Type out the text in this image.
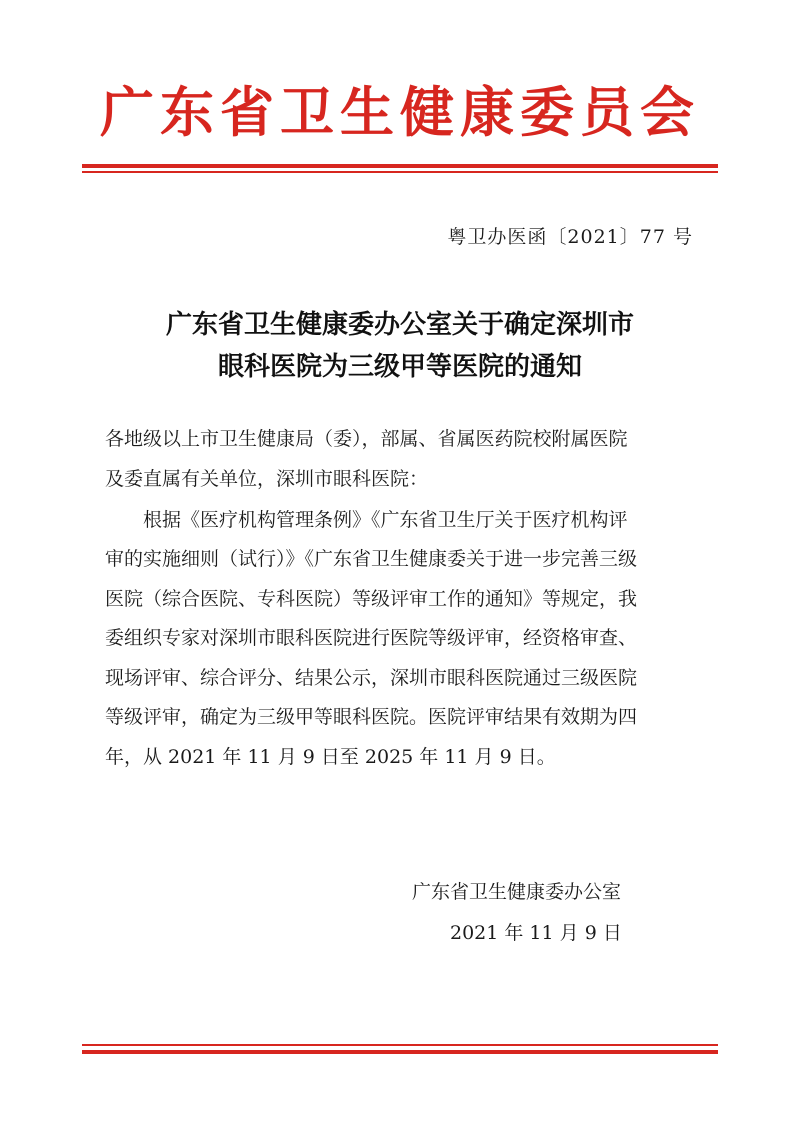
广东省卫生健康委员会
粤卫办医函〔2021〕77 号
广东省卫生健康委办公室关于确定深圳市
眼科医院为三级甲等医院的通知
各地级以上市卫生健康局（委），部属、省属医药院校附属医院
及委直属有关单位，深圳市眼科医院：
根据《医疗机构管理条例》《广东省卫生厅关于医疗机构评
审的实施细则（试行）》《广东省卫生健康委关于进一步完善三级
医院（综合医院、专科医院）等级评审工作的通知》等规定，我
委组织专家对深圳市眼科医院进行医院等级评审，经资格审查、
现场评审、综合评分、结果公示，深圳市眼科医院通过三级医院
等级评审，确定为三级甲等眼科医院。医院评审结果有效期为四
年，从 2021 年 11 月 9 日至 2025 年 11 月 9 日。
广东省卫生健康委办公室
2021 年 11 月 9 日
